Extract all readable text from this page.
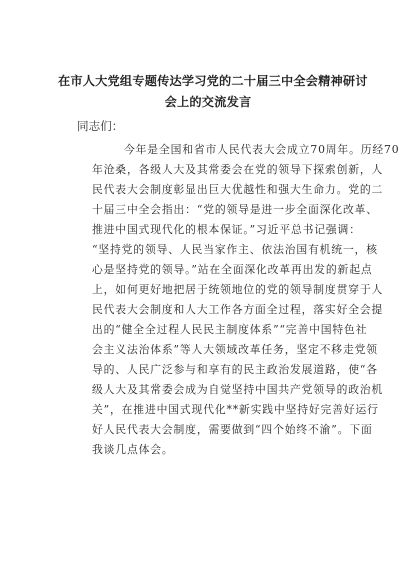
在市人大党组专题传达学习党的二十届三中全会精神研讨
会上的交流发言
同志们：
今年是全国和省市人民代表大会成立70周年。历经70
年沧桑，各级人大及其常委会在党的领导下探索创新，人
民代表大会制度彰显出巨大优越性和强大生命力。党的二
十届三中全会指出：“党的领导是进一步全面深化改革、
推进中国式现代化的根本保证。”习近平总书记强调：
“坚持党的领导、人民当家作主、依法治国有机统一，核
心是坚持党的领导。”站在全面深化改革再出发的新起点
上，如何更好地把居于统领地位的党的领导制度贯穿于人
民代表大会制度和人大工作各方面全过程，落实好全会提
出的“健全全过程人民民主制度体系”“完善中国特色社
会主义法治体系”等人大领域改革任务，坚定不移走党领
导的、人民广泛参与和享有的民主政治发展道路，使“各
级人大及其常委会成为自觉坚持中国共产党领导的政治机
关”，在推进中国式现代化**新实践中坚持好完善好运行
好人民代表大会制度，需要做到“四个始终不渝”。下面
我谈几点体会。
